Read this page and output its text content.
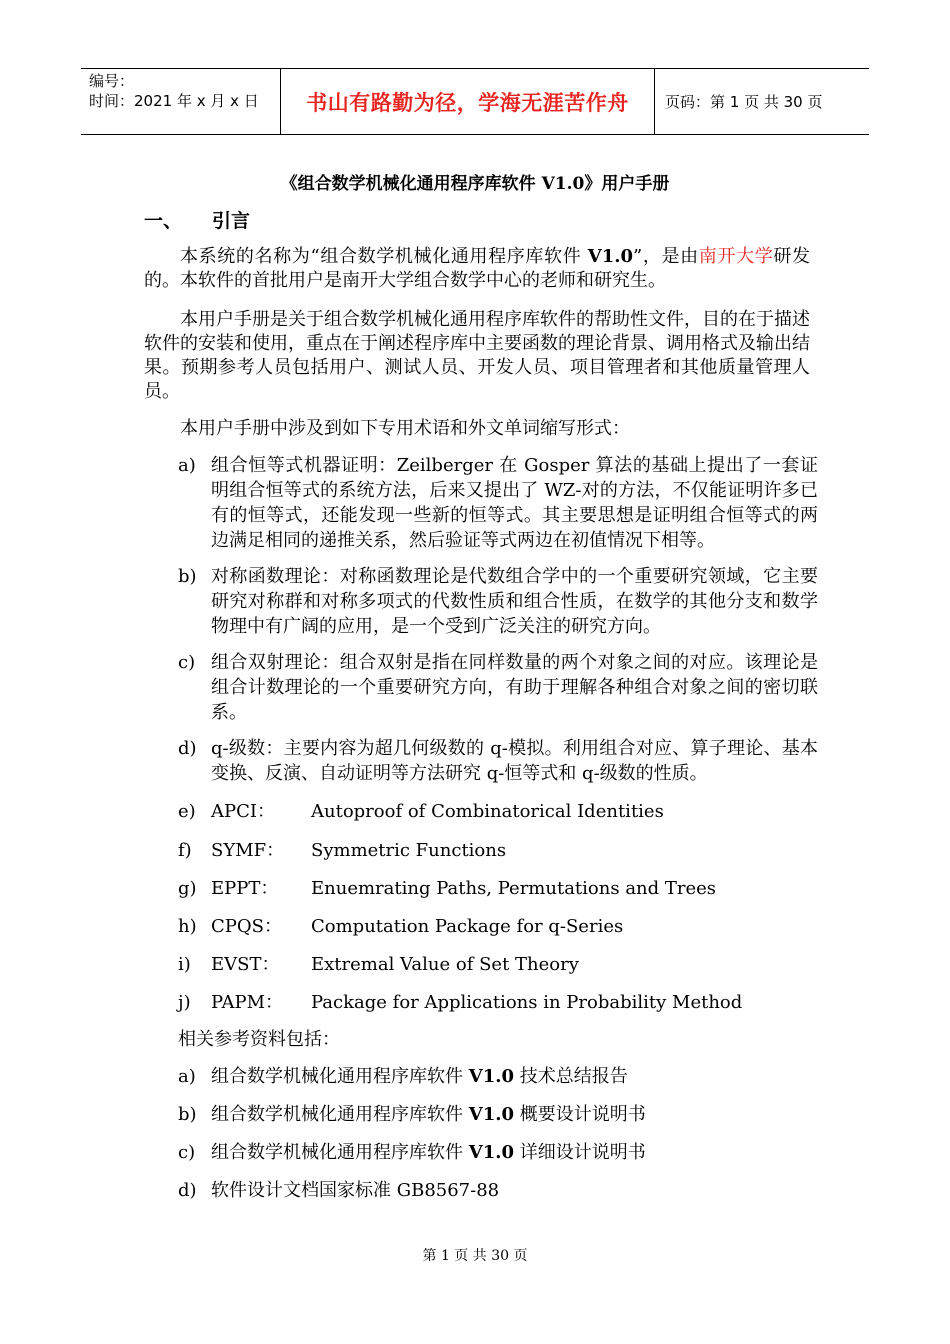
编号：
时间：2021 年 x 月 x 日 书山有路勤为径，学海无涯苦作舟 页码：第 1 页 共 30 页
《组合数学机械化通用程序库软件 V1.0》用户手册
一、 引言
本系统的名称为“组合数学机械化通用程序库软件 V1.0”，是由南开大学研发的。本软件的首批用户是南开大学组合数学中心的老师和研究生。
本用户手册是关于组合数学机械化通用程序库软件的帮助性文件，目的在于描述软件的安装和使用，重点在于阐述程序库中主要函数的理论背景、调用格式及输出结果。预期参考人员包括用户、测试人员、开发人员、项目管理者和其他质量管理人员。
本用户手册中涉及到如下专用术语和外文单词缩写形式：
a) 组合恒等式机器证明：Zeilberger 在 Gosper 算法的基础上提出了一套证明组合恒等式的系统方法，后来又提出了 WZ-对的方法，不仅能证明许多已有的恒等式，还能发现一些新的恒等式。其主要思想是证明组合恒等式的两边满足相同的递推关系，然后验证等式两边在初值情况下相等。
b) 对称函数理论：对称函数理论是代数组合学中的一个重要研究领域，它主要研究对称群和对称多项式的代数性质和组合性质，在数学的其他分支和数学物理中有广阔的应用，是一个受到广泛关注的研究方向。
c) 组合双射理论：组合双射是指在同样数量的两个对象之间的对应。该理论是组合计数理论的一个重要研究方向，有助于理解各种组合对象之间的密切联系。
d) q-级数：主要内容为超几何级数的 q-模拟。利用组合对应、算子理论、基本变换、反演、自动证明等方法研究 q-恒等式和 q-级数的性质。
e) APCI： Autoproof of Combinatorical Identities
f)	SYMF： Symmetric Functions
g) EPPT： Enuemrating Paths, Permutations and Trees
h) CPQS： Computation Package for q-Series
i)	EVST： Extremal Value of Set Theory
j)	PAPM： Package for Applications in Probability Method
相关参考资料包括：
a) 组合数学机械化通用程序库软件 V1.0 技术总结报告
b) 组合数学机械化通用程序库软件 V1.0 概要设计说明书
c) 组合数学机械化通用程序库软件 V1.0 详细设计说明书
d) 软件设计文档国家标准 GB8567-88
第 1 页 共 30 页
